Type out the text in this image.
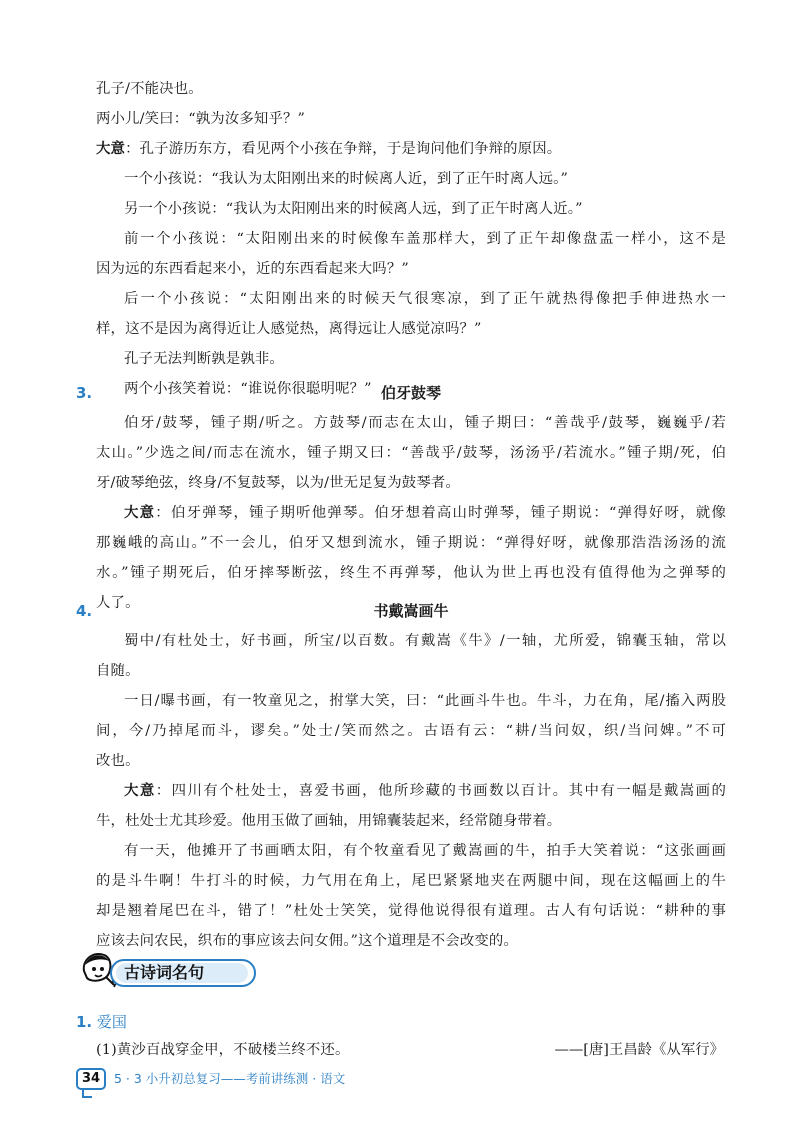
孔子/不能决也。
两小儿/笑曰：“孰为汝多知乎？”
大意：孔子游历东方，看见两个小孩在争辩，于是询问他们争辩的原因。
一个小孩说：“我认为太阳刚出来的时候离人近，到了正午时离人远。”
另一个小孩说：“我认为太阳刚出来的时候离人远，到了正午时离人近。”
前一个小孩说：“太阳刚出来的时候像车盖那样大，到了正午却像盘盂一样小，这不是
因为远的东西看起来小，近的东西看起来大吗？”
后一个小孩说：“太阳刚出来的时候天气很寒凉，到了正午就热得像把手伸进热水一
样，这不是因为离得近让人感觉热，离得远让人感觉凉吗？”
孔子无法判断孰是孰非。
两个小孩笑着说：“谁说你很聪明呢？”
3.	伯牙鼓琴
伯牙/鼓琴，锺子期/听之。方鼓琴/而志在太山，锺子期曰：“善哉乎/鼓琴，巍巍乎/若
太山。”少选之间/而志在流水，锺子期又曰：“善哉乎/鼓琴，汤汤乎/若流水。”锺子期/死，伯
牙/破琴绝弦，终身/不复鼓琴，以为/世无足复为鼓琴者。
大意：伯牙弹琴，锺子期听他弹琴。伯牙想着高山时弹琴，锺子期说：“弹得好呀，就像
那巍峨的高山。”不一会儿，伯牙又想到流水，锺子期说：“弹得好呀，就像那浩浩汤汤的流
水。”锺子期死后，伯牙摔琴断弦，终生不再弹琴，他认为世上再也没有值得他为之弹琴的
人了。
4.	书戴嵩画牛
蜀中/有杜处士，好书画，所宝/以百数。有戴嵩《牛》/一轴，尤所爱，锦囊玉轴，常以
自随。
一日/曝书画，有一牧童见之，拊掌大笑，曰：“此画斗牛也。牛斗，力在角，尾/搐入两股
间，今/乃掉尾而斗，谬矣。”处士/笑而然之。古语有云：“耕/当问奴，织/当问婢。”不可
改也。
大意：四川有个杜处士，喜爱书画，他所珍藏的书画数以百计。其中有一幅是戴嵩画的
牛，杜处士尤其珍爱。他用玉做了画轴，用锦囊装起来，经常随身带着。
有一天，他摊开了书画晒太阳，有个牧童看见了戴嵩画的牛，拍手大笑着说：“这张画画
的是斗牛啊！牛打斗的时候，力气用在角上，尾巴紧紧地夹在两腿中间，现在这幅画上的牛
却是翘着尾巴在斗，错了！”杜处士笑笑，觉得他说得很有道理。古人有句话说：“耕种的事
应该去问农民，织布的事应该去问女佣。”这个道理是不会改变的。
古诗词名句
1. 爱国
(1)黄沙百战穿金甲，不破楼兰终不还。	——[唐]王昌龄《从军行》
34	5 · 3 小升初总复习——考前讲练测 · 语文
